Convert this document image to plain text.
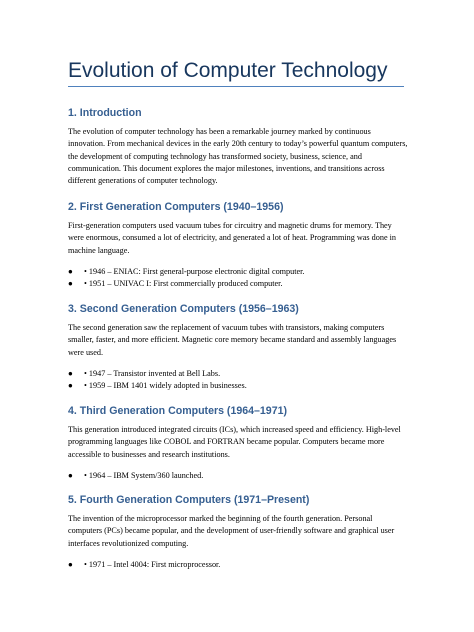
Evolution of Computer Technology
1. Introduction

The evolution of computer technology has been a remarkable journey marked by continuous innovation. From mechanical devices in the early 20th century to today’s powerful quantum computers, the development of computing technology has transformed society, business, science, and communication. This document explores the major milestones, inventions, and transitions across different generations of computer technology.

2. First Generation Computers (1940–1956)

First-generation computers used vacuum tubes for circuitry and magnetic drums for memory. They were enormous, consumed a lot of electricity, and generated a lot of heat. Programming was done in machine language.

● • 1946 – ENIAC: First general-purpose electronic digital computer.
● • 1951 – UNIVAC I: First commercially produced computer.
3. Second Generation Computers (1956–1963)

The second generation saw the replacement of vacuum tubes with transistors, making computers smaller, faster, and more efficient. Magnetic core memory became standard and assembly languages were used.

● • 1947 – Transistor invented at Bell Labs.
● • 1959 – IBM 1401 widely adopted in businesses.
4. Third Generation Computers (1964–1971)

This generation introduced integrated circuits (ICs), which increased speed and efficiency. High-level programming languages like COBOL and FORTRAN became popular. Computers became more accessible to businesses and research institutions.

● • 1964 – IBM System/360 launched.
5. Fourth Generation Computers (1971–Present)

The invention of the microprocessor marked the beginning of the fourth generation. Personal computers (PCs) became popular, and the development of user-friendly software and graphical user interfaces revolutionized computing.

● • 1971 – Intel 4004: First microprocessor.
